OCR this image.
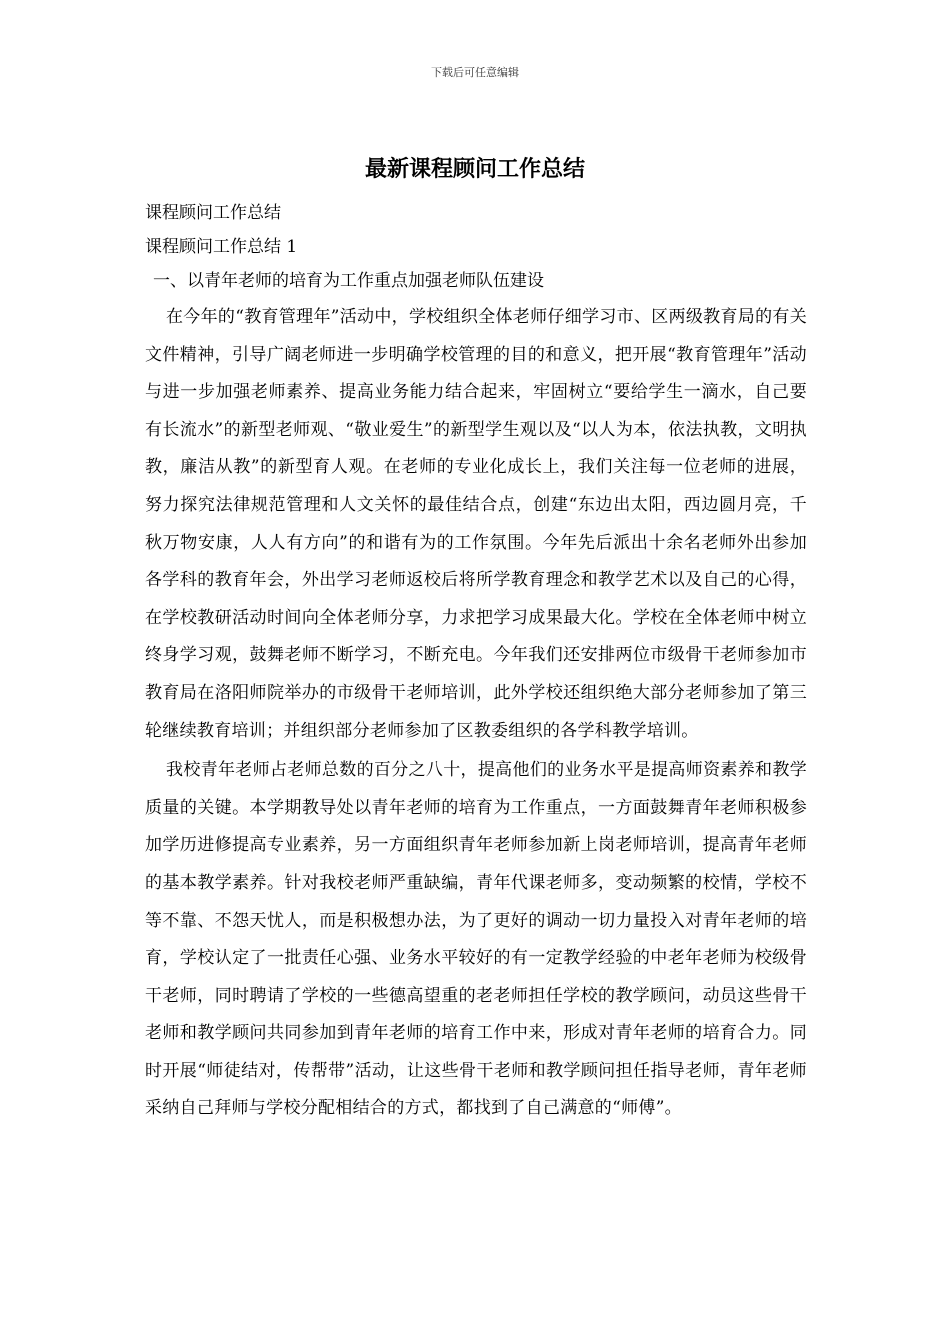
下载后可任意编辑
最新课程顾问工作总结

课程顾问工作总结

课程顾问工作总结 1

一、以青年老师的培育为工作重点加强老师队伍建设

在今年的“教育管理年”活动中，学校组织全体老师仔细学习市、区两级教育局的有关文件精神，引导广阔老师进一步明确学校管理的目的和意义，把开展“教育管理年”活动与进一步加强老师素养、提高业务能力结合起来，牢固树立“要给学生一滴水，自己要有长流水”的新型老师观、“敬业爱生”的新型学生观以及“以人为本，依法执教，文明执教，廉洁从教”的新型育人观。在老师的专业化成长上，我们关注每一位老师的进展，努力探究法律规范管理和人文关怀的最佳结合点，创建“东边出太阳，西边圆月亮，千秋万物安康，人人有方向”的和谐有为的工作氛围。今年先后派出十余名老师外出参加各学科的教育年会，外出学习老师返校后将所学教育理念和教学艺术以及自己的心得，在学校教研活动时间向全体老师分享，力求把学习成果最大化。学校在全体老师中树立终身学习观，鼓舞老师不断学习，不断充电。今年我们还安排两位市级骨干老师参加市教育局在洛阳师院举办的市级骨干老师培训，此外学校还组织绝大部分老师参加了第三轮继续教育培训；并组织部分老师参加了区教委组织的各学科教学培训。

我校青年老师占老师总数的百分之八十，提高他们的业务水平是提高师资素养和教学质量的关键。本学期教导处以青年老师的培育为工作重点，一方面鼓舞青年老师积极参加学历进修提高专业素养，另一方面组织青年老师参加新上岗老师培训，提高青年老师的基本教学素养。针对我校老师严重缺编，青年代课老师多，变动频繁的校情，学校不等不靠、不怨天忧人，而是积极想办法，为了更好的调动一切力量投入对青年老师的培育，学校认定了一批责任心强、业务水平较好的有一定教学经验的中老年老师为校级骨干老师，同时聘请了学校的一些德高望重的老老师担任学校的教学顾问，动员这些骨干老师和教学顾问共同参加到青年老师的培育工作中来，形成对青年老师的培育合力。同时开展“师徒结对，传帮带”活动，让这些骨干老师和教学顾问担任指导老师，青年老师采纳自己拜师与学校分配相结合的方式，都找到了自己满意的“师傅”。
